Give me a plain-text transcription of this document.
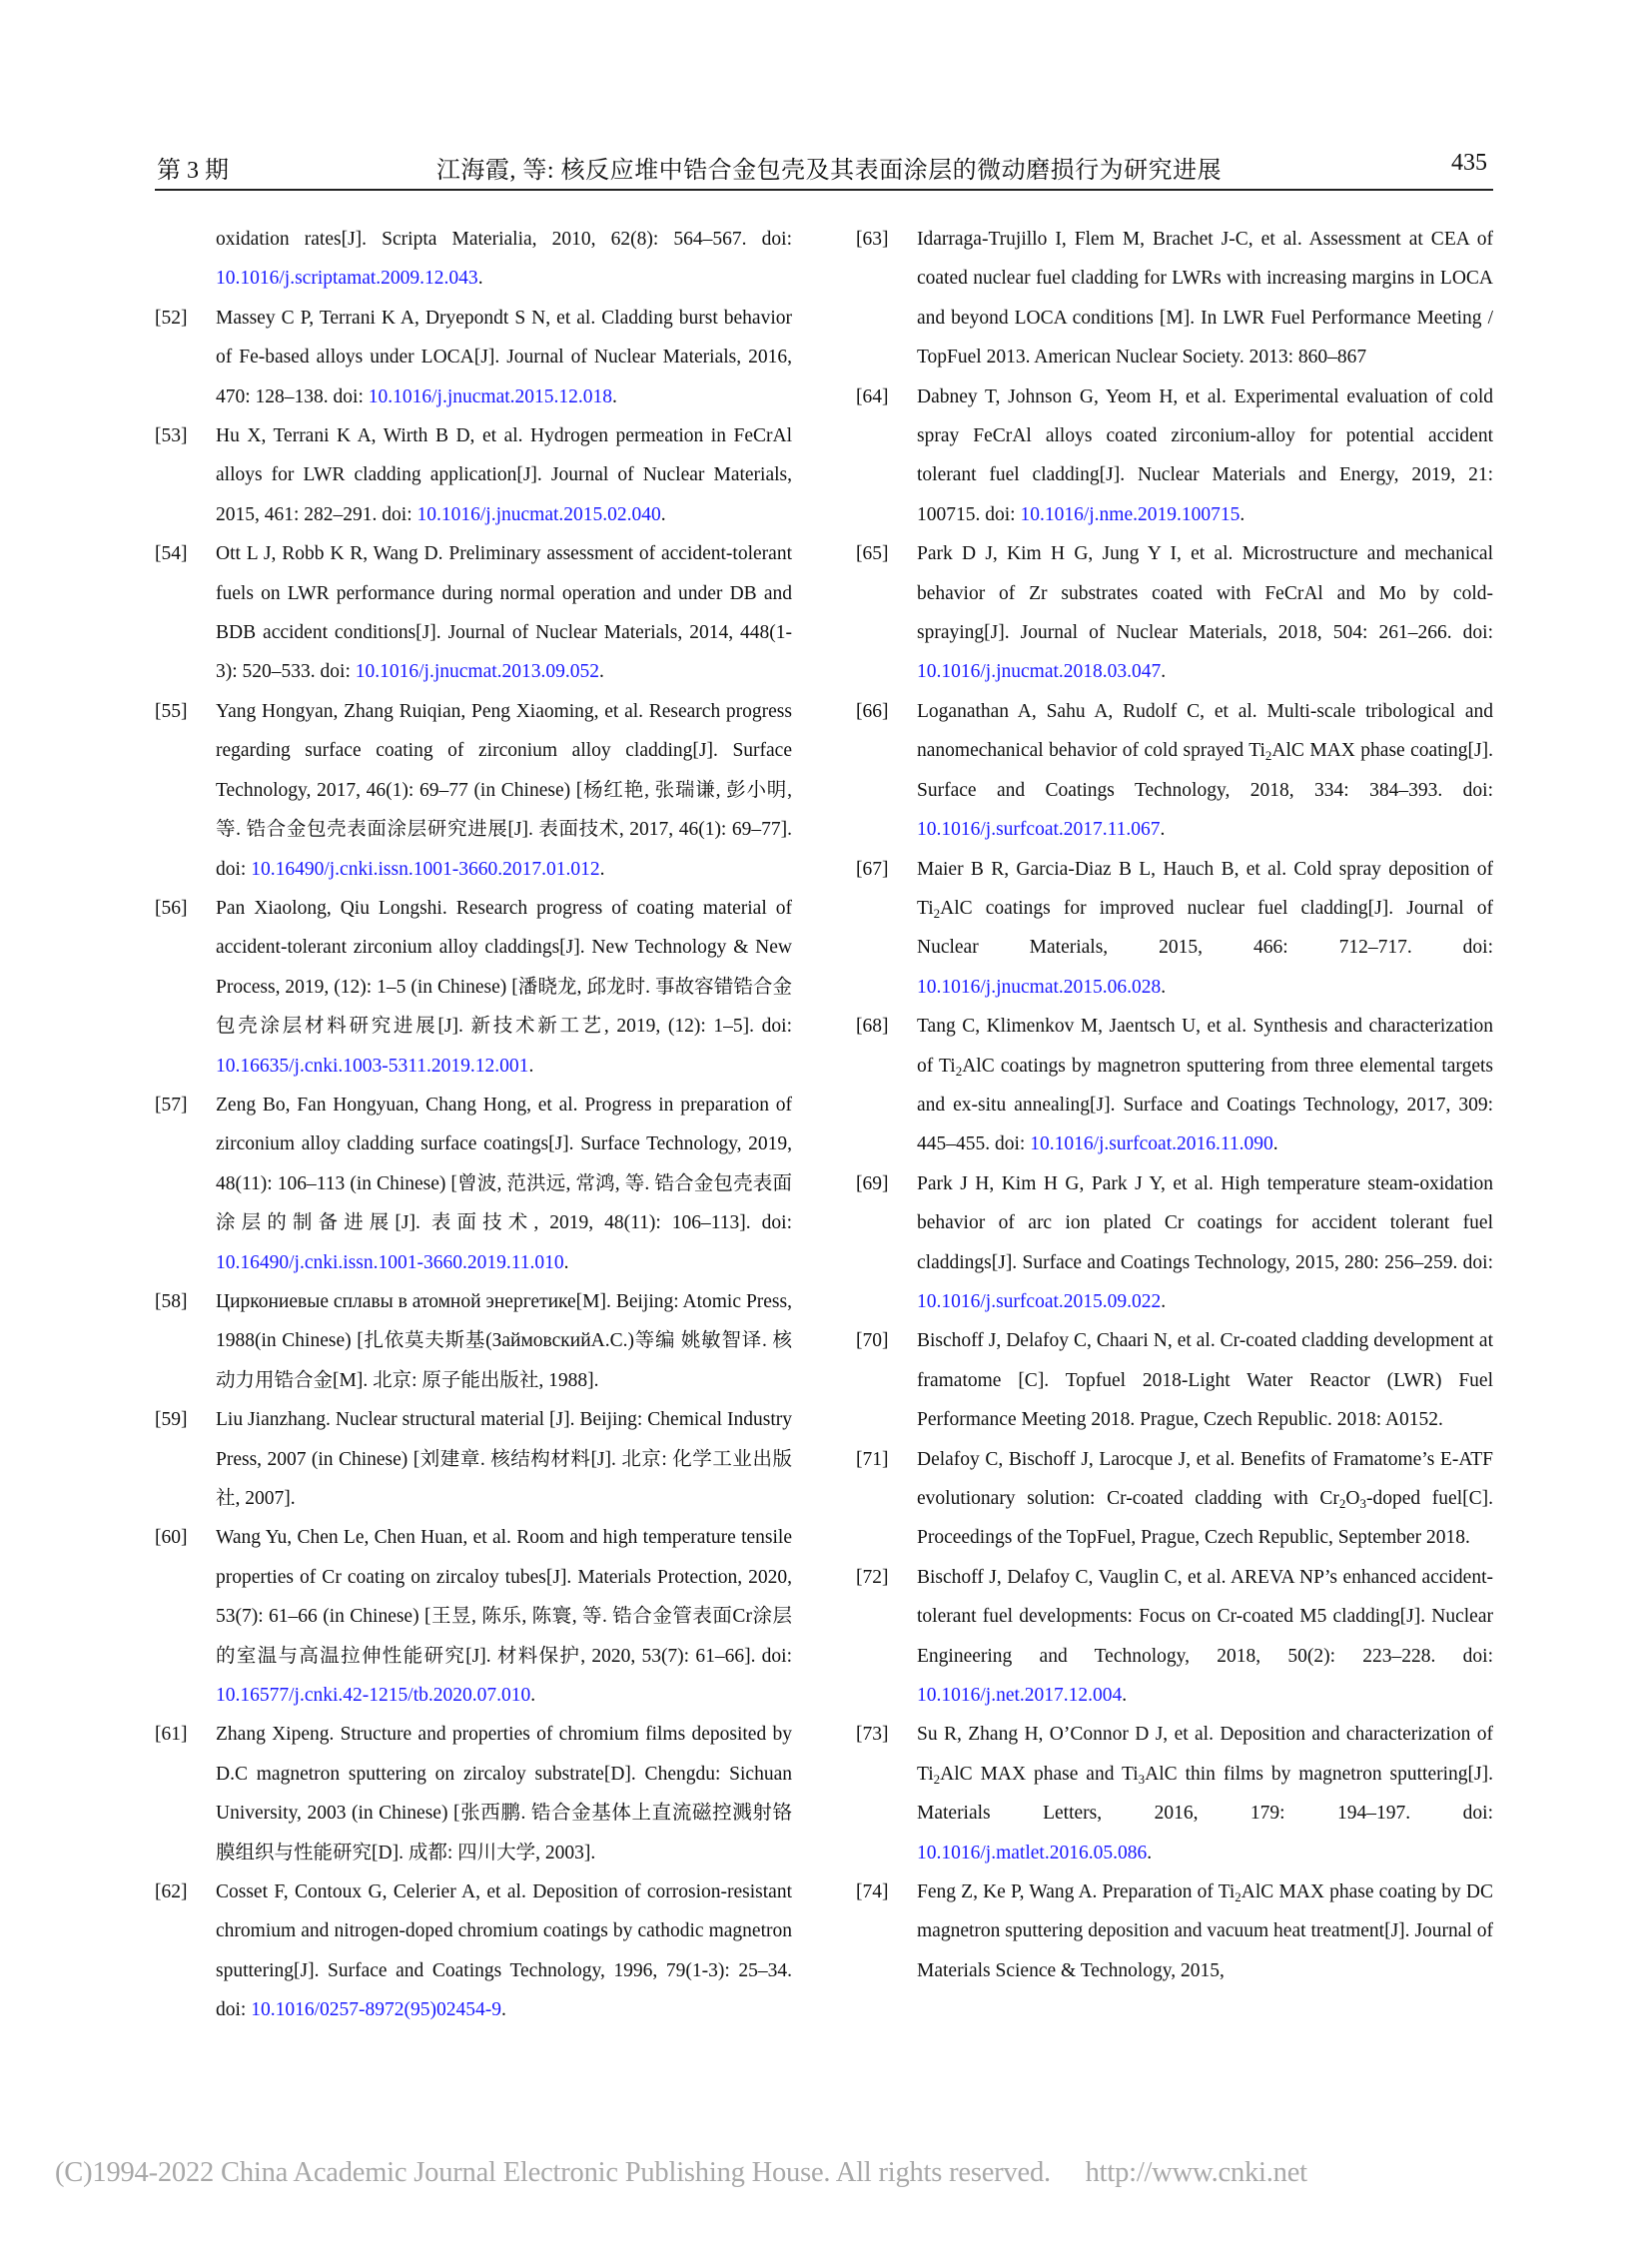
第 3 期	江海霞, 等: 核反应堆中锆合金包壳及其表面涂层的微动磨损行为研究进展	435
oxidation rates[J]. Scripta Materialia, 2010, 62(8): 564–567. doi: 10.1016/j.scriptamat.2009.12.043.
[52] Massey C P, Terrani K A, Dryepondt S N, et al. Cladding burst behavior of Fe-based alloys under LOCA[J]. Journal of Nuclear Materials, 2016, 470: 128–138. doi: 10.1016/j.jnucmat.2015.12.018.
[53] Hu X, Terrani K A, Wirth B D, et al. Hydrogen permeation in FeCrAl alloys for LWR cladding application[J]. Journal of Nuclear Materials, 2015, 461: 282–291. doi: 10.1016/j.jnucmat.2015.02.040.
[54] Ott L J, Robb K R, Wang D. Preliminary assessment of accident-tolerant fuels on LWR performance during normal operation and under DB and BDB accident conditions[J]. Journal of Nuclear Materials, 2014, 448(1-3): 520–533. doi: 10.1016/j.jnucmat.2013.09.052.
[55] Yang Hongyan, Zhang Ruiqian, Peng Xiaoming, et al. Research progress regarding surface coating of zirconium alloy cladding[J]. Surface Technology, 2017, 46(1): 69–77 (in Chinese) [杨红艳, 张瑞谦, 彭小明, 等. 锆合金包壳表面涂层研究进展[J]. 表面技术, 2017, 46(1): 69–77]. doi: 10.16490/j.cnki.issn.1001-3660.2017.01.012.
[56] Pan Xiaolong, Qiu Longshi. Research progress of coating material of accident-tolerant zirconium alloy claddings[J]. New Technology & New Process, 2019, (12): 1–5 (in Chinese) [潘晓龙, 邱龙时. 事故容错锆合金包壳涂层材料研究进展[J]. 新技术新工艺, 2019, (12): 1–5]. doi: 10.16635/j.cnki.1003-5311.2019.12.001.
[57] Zeng Bo, Fan Hongyuan, Chang Hong, et al. Progress in preparation of zirconium alloy cladding surface coatings[J]. Surface Technology, 2019, 48(11): 106–113 (in Chinese) [曾波, 范洪远, 常鸿, 等. 锆合金包壳表面涂层的制备进展[J]. 表面技术, 2019, 48(11): 106–113]. doi: 10.16490/j.cnki.issn.1001-3660.2019.11.010.
[58] Циркониевые сплавы в атомной энергетике[M]. Beijing: Atomic Press, 1988(in Chinese) [扎依莫夫斯基(ЗаймовскийА.С.)等编 姚敏智译. 核动力用锆合金[M]. 北京: 原子能出版社, 1988].
[59] Liu Jianzhang. Nuclear structural material [J]. Beijing: Chemical Industry Press, 2007 (in Chinese) [刘建章. 核结构材料[J]. 北京: 化学工业出版社, 2007].
[60] Wang Yu, Chen Le, Chen Huan, et al. Room and high temperature tensile properties of Cr coating on zircaloy tubes[J]. Materials Protection, 2020, 53(7): 61–66 (in Chinese) [王昱, 陈乐, 陈寰, 等. 锆合金管表面Cr涂层的室温与高温拉伸性能研究[J]. 材料保护, 2020, 53(7): 61–66]. doi: 10.16577/j.cnki.42-1215/tb.2020.07.010.
[61] Zhang Xipeng. Structure and properties of chromium films deposited by D.C magnetron sputtering on zircaloy substrate[D]. Chengdu: Sichuan University, 2003 (in Chinese) [张西鹏. 锆合金基体上直流磁控溅射铬膜组织与性能研究[D]. 成都: 四川大学, 2003].
[62] Cosset F, Contoux G, Celerier A, et al. Deposition of corrosion-resistant chromium and nitrogen-doped chromium coatings by cathodic magnetron sputtering[J]. Surface and Coatings Technology, 1996, 79(1-3): 25–34. doi: 10.1016/0257-8972(95)02454-9.
[63] Idarraga-Trujillo I, Flem M, Brachet J-C, et al. Assessment at CEA of coated nuclear fuel cladding for LWRs with increasing margins in LOCA and beyond LOCA conditions [M]. In LWR Fuel Performance Meeting / TopFuel 2013. American Nuclear Society. 2013: 860–867
[64] Dabney T, Johnson G, Yeom H, et al. Experimental evaluation of cold spray FeCrAl alloys coated zirconium-alloy for potential accident tolerant fuel cladding[J]. Nuclear Materials and Energy, 2019, 21: 100715. doi: 10.1016/j.nme.2019.100715.
[65] Park D J, Kim H G, Jung Y I, et al. Microstructure and mechanical behavior of Zr substrates coated with FeCrAl and Mo by cold-spraying[J]. Journal of Nuclear Materials, 2018, 504: 261–266. doi: 10.1016/j.jnucmat.2018.03.047.
[66] Loganathan A, Sahu A, Rudolf C, et al. Multi-scale tribological and nanomechanical behavior of cold sprayed $Ti_2AlC$ MAX phase coating[J]. Surface and Coatings Technology, 2018, 334: 384–393. doi: 10.1016/j.surfcoat.2017.11.067.
[67] Maier B R, Garcia-Diaz B L, Hauch B, et al. Cold spray deposition of $Ti_2AlC$ coatings for improved nuclear fuel cladding[J]. Journal of Nuclear Materials, 2015, 466: 712–717. doi: 10.1016/j.jnucmat.2015.06.028.
[68] Tang C, Klimenkov M, Jaentsch U, et al. Synthesis and characterization of $Ti_2AlC$ coatings by magnetron sputtering from three elemental targets and ex-situ annealing[J]. Surface and Coatings Technology, 2017, 309: 445–455. doi: 10.1016/j.surfcoat.2016.11.090.
[69] Park J H, Kim H G, Park J Y, et al. High temperature steam-oxidation behavior of arc ion plated Cr coatings for accident tolerant fuel claddings[J]. Surface and Coatings Technology, 2015, 280: 256–259. doi: 10.1016/j.surfcoat.2015.09.022.
[70] Bischoff J, Delafoy C, Chaari N, et al. Cr-coated cladding development at framatome [C]. Topfuel 2018-Light Water Reactor (LWR) Fuel Performance Meeting 2018. Prague, Czech Republic. 2018: A0152.
[71] Delafoy C, Bischoff J, Larocque J, et al. Benefits of Framatome’s E-ATF evolutionary solution: Cr-coated cladding with $Cr_2O_3$-doped fuel[C]. Proceedings of the TopFuel, Prague, Czech Republic, September 2018.
[72] Bischoff J, Delafoy C, Vauglin C, et al. AREVA NP’s enhanced accident-tolerant fuel developments: Focus on Cr-coated M5 cladding[J]. Nuclear Engineering and Technology, 2018, 50(2): 223–228. doi: 10.1016/j.net.2017.12.004.
[73] Su R, Zhang H, O’Connor D J, et al. Deposition and characterization of $Ti_2AlC$ MAX phase and $Ti_3AlC$ thin films by magnetron sputtering[J]. Materials Letters, 2016, 179: 194–197. doi: 10.1016/j.matlet.2016.05.086.
[74] Feng Z, Ke P, Wang A. Preparation of $Ti_2AlC$ MAX phase coating by DC magnetron sputtering deposition and vacuum heat treatment[J]. Journal of Materials Science & Technology, 2015,
(C)1994-2022 China Academic Journal Electronic Publishing House. All rights reserved. http://www.cnki.net
